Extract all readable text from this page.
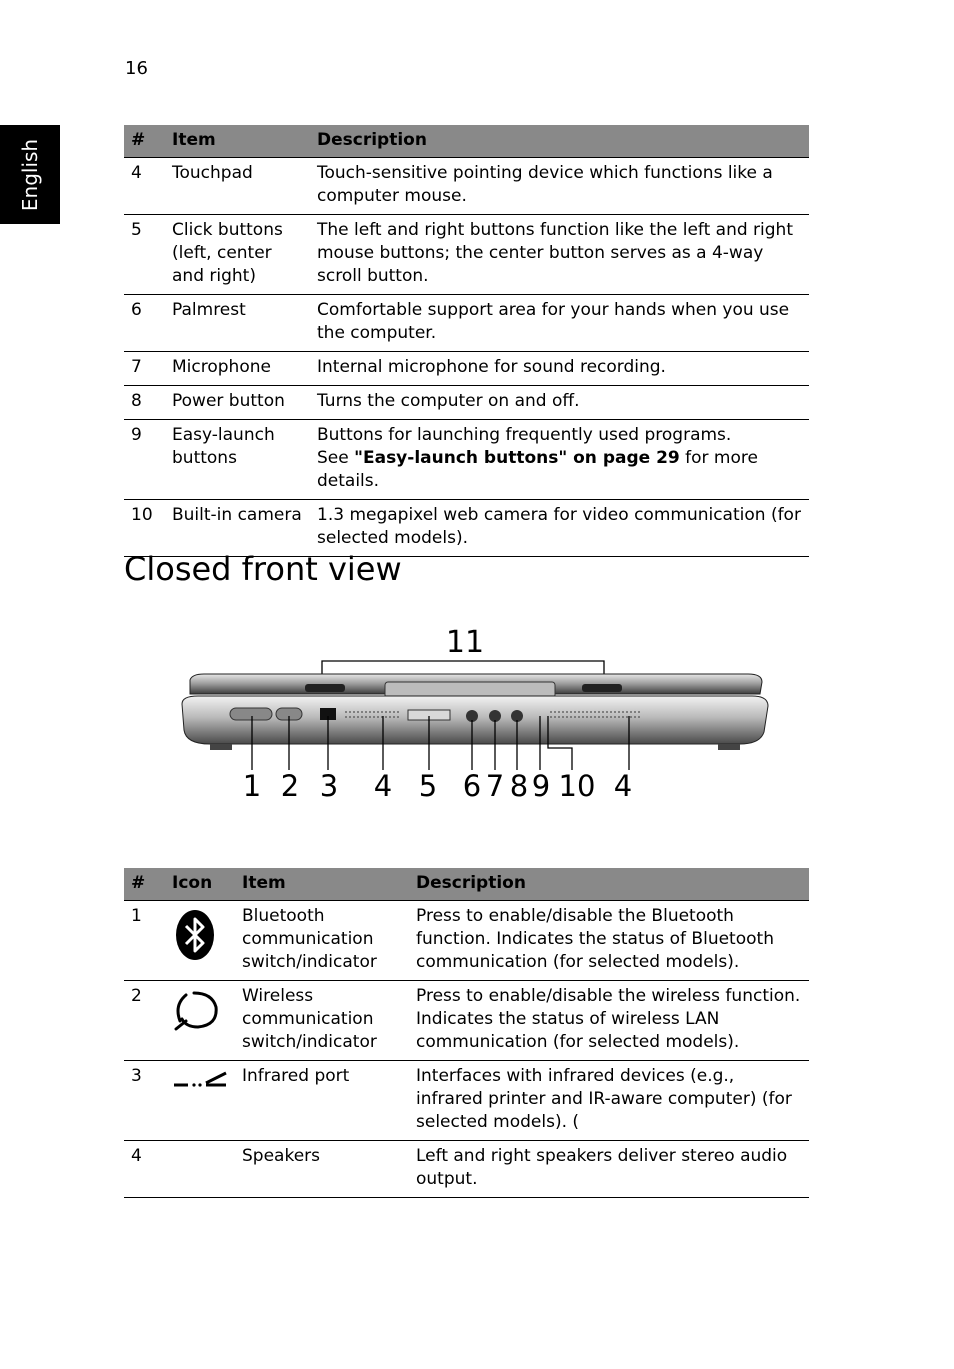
16
English	#	Item	Description
4	Touchpad	Touch-sensitive pointing device which functions like a computer mouse.
5	Click buttons (left, center and right)	The left and right buttons function like the left and right mouse buttons; the center button serves as a 4-way scroll button.
6	Palmrest	Comfortable support area for your hands when you use the computer.
7	Microphone	Internal microphone for sound recording.
8	Power button	Turns the computer on and off.
9	Easy-launch buttons	Buttons for launching frequently used programs.
See "Easy-launch buttons" on page 29 for more details.
10	Built-in camera	1.3 megapixel web camera for video communication (for selected models).
Closed front view
11
1 2 3 4 5 6 7 8 9 10 4
#	Icon	Item	Description
1		Bluetooth communication switch/indicator	Press to enable/disable the Bluetooth function. Indicates the status of Bluetooth communication (for selected models).
2		Wireless communication switch/indicator	Press to enable/disable the wireless function. Indicates the status of wireless LAN communication (for selected models).
3		Infrared port	Interfaces with infrared devices (e.g., infrared printer and IR-aware computer) (for selected models). (
4		Speakers	Left and right speakers deliver stereo audio output.
